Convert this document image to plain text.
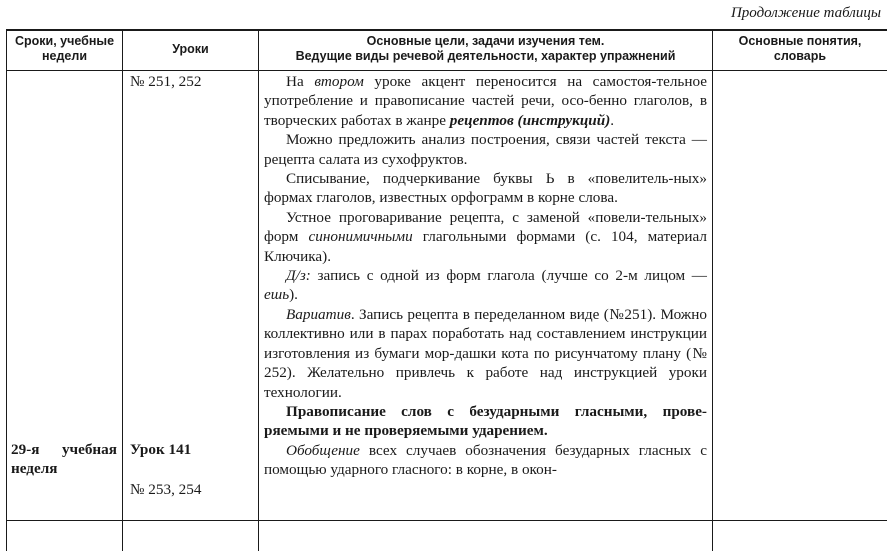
Продолжение таблицы
Сроки, учебные
недели	Уроки
Основные цели, задачи изучения тем.
Ведущие виды речевой деятельности, характер упражнений
Основные понятия,
словарь
29-я учебная
неделя
№ 251, 252
Урок 141
№ 253, 254

На втором уроке акцент переносится на самостоя-тельное употребление и правописание частей речи, осо-бенно глаголов, в творческих работах в жанре рецептов (инструкций).

Можно предложить анализ построения, связи частей текста — рецепта салата из сухофруктов.

Списывание, подчеркивание буквы Ь в «повелитель-ных» формах глаголов, известных орфограмм в корне слова.

Устное проговаривание рецепта, с заменой «повели-тельных» форм синонимичными глагольными формами (с. 104, материал Ключика).

Д/з: запись с одной из форм глагола (лучше со 2-м лицом — ешь).

Вариатив. Запись рецепта в переделанном виде (№251). Можно коллективно или в парах поработать над составлением инструкции изготовления из бумаги мор-дашки кота по рисунчатому плану (№ 252). Желательно привлечь к работе над инструкцией уроки технологии.

Правописание слов с безударными гласными, прове-ряемыми и не проверяемыми ударением.

Обобщение всех случаев обозначения безударных гласных с помощью ударного гласного: в корне, в окон-
